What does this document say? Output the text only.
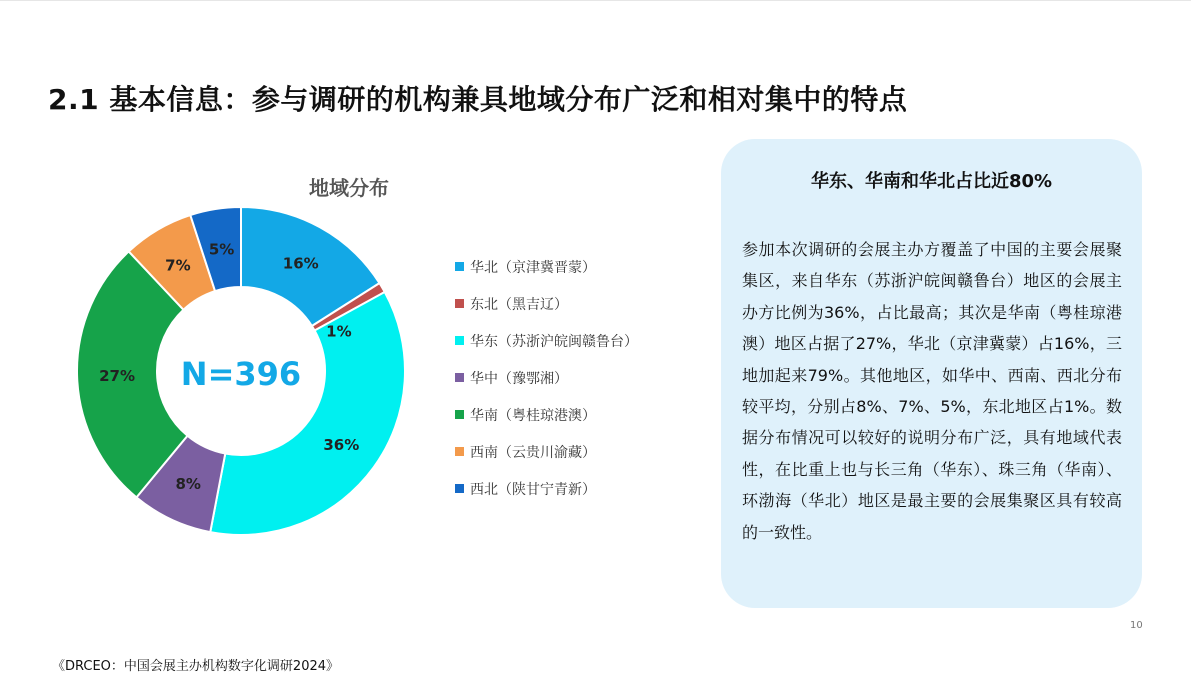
2.1 基本信息：参与调研的机构兼具地域分布广泛和相对集中的特点
地域分布
16%
1%
36%
8%
27%
7%
5%
N=396
华北（京津冀晋蒙）
东北（黑吉辽）
华东（苏浙沪皖闽赣鲁台）
华中（豫鄂湘）
华南（粤桂琼港澳）
西南（云贵川渝藏）
西北（陕甘宁青新）
华东、华南和华北占比近80%
参加本次调研的会展主办方覆盖了中国的主要会展聚集区，来自华东（苏浙沪皖闽赣鲁台）地区的会展主办方比例为36%，占比最高；其次是华南（粤桂琼港澳）地区占据了27%，华北（京津冀蒙）占16%，三地加起来79%。其他地区，如华中、西南、西北分布较平均，分别占8%、7%、5%，东北地区占1%。数据分布情况可以较好的说明分布广泛，具有地域代表性，在比重上也与长三角（华东）、珠三角（华南）、环渤海（华北）地区是最主要的会展集聚区具有较高的一致性。
10
《DRCEO：中国会展主办机构数字化调研2024》
